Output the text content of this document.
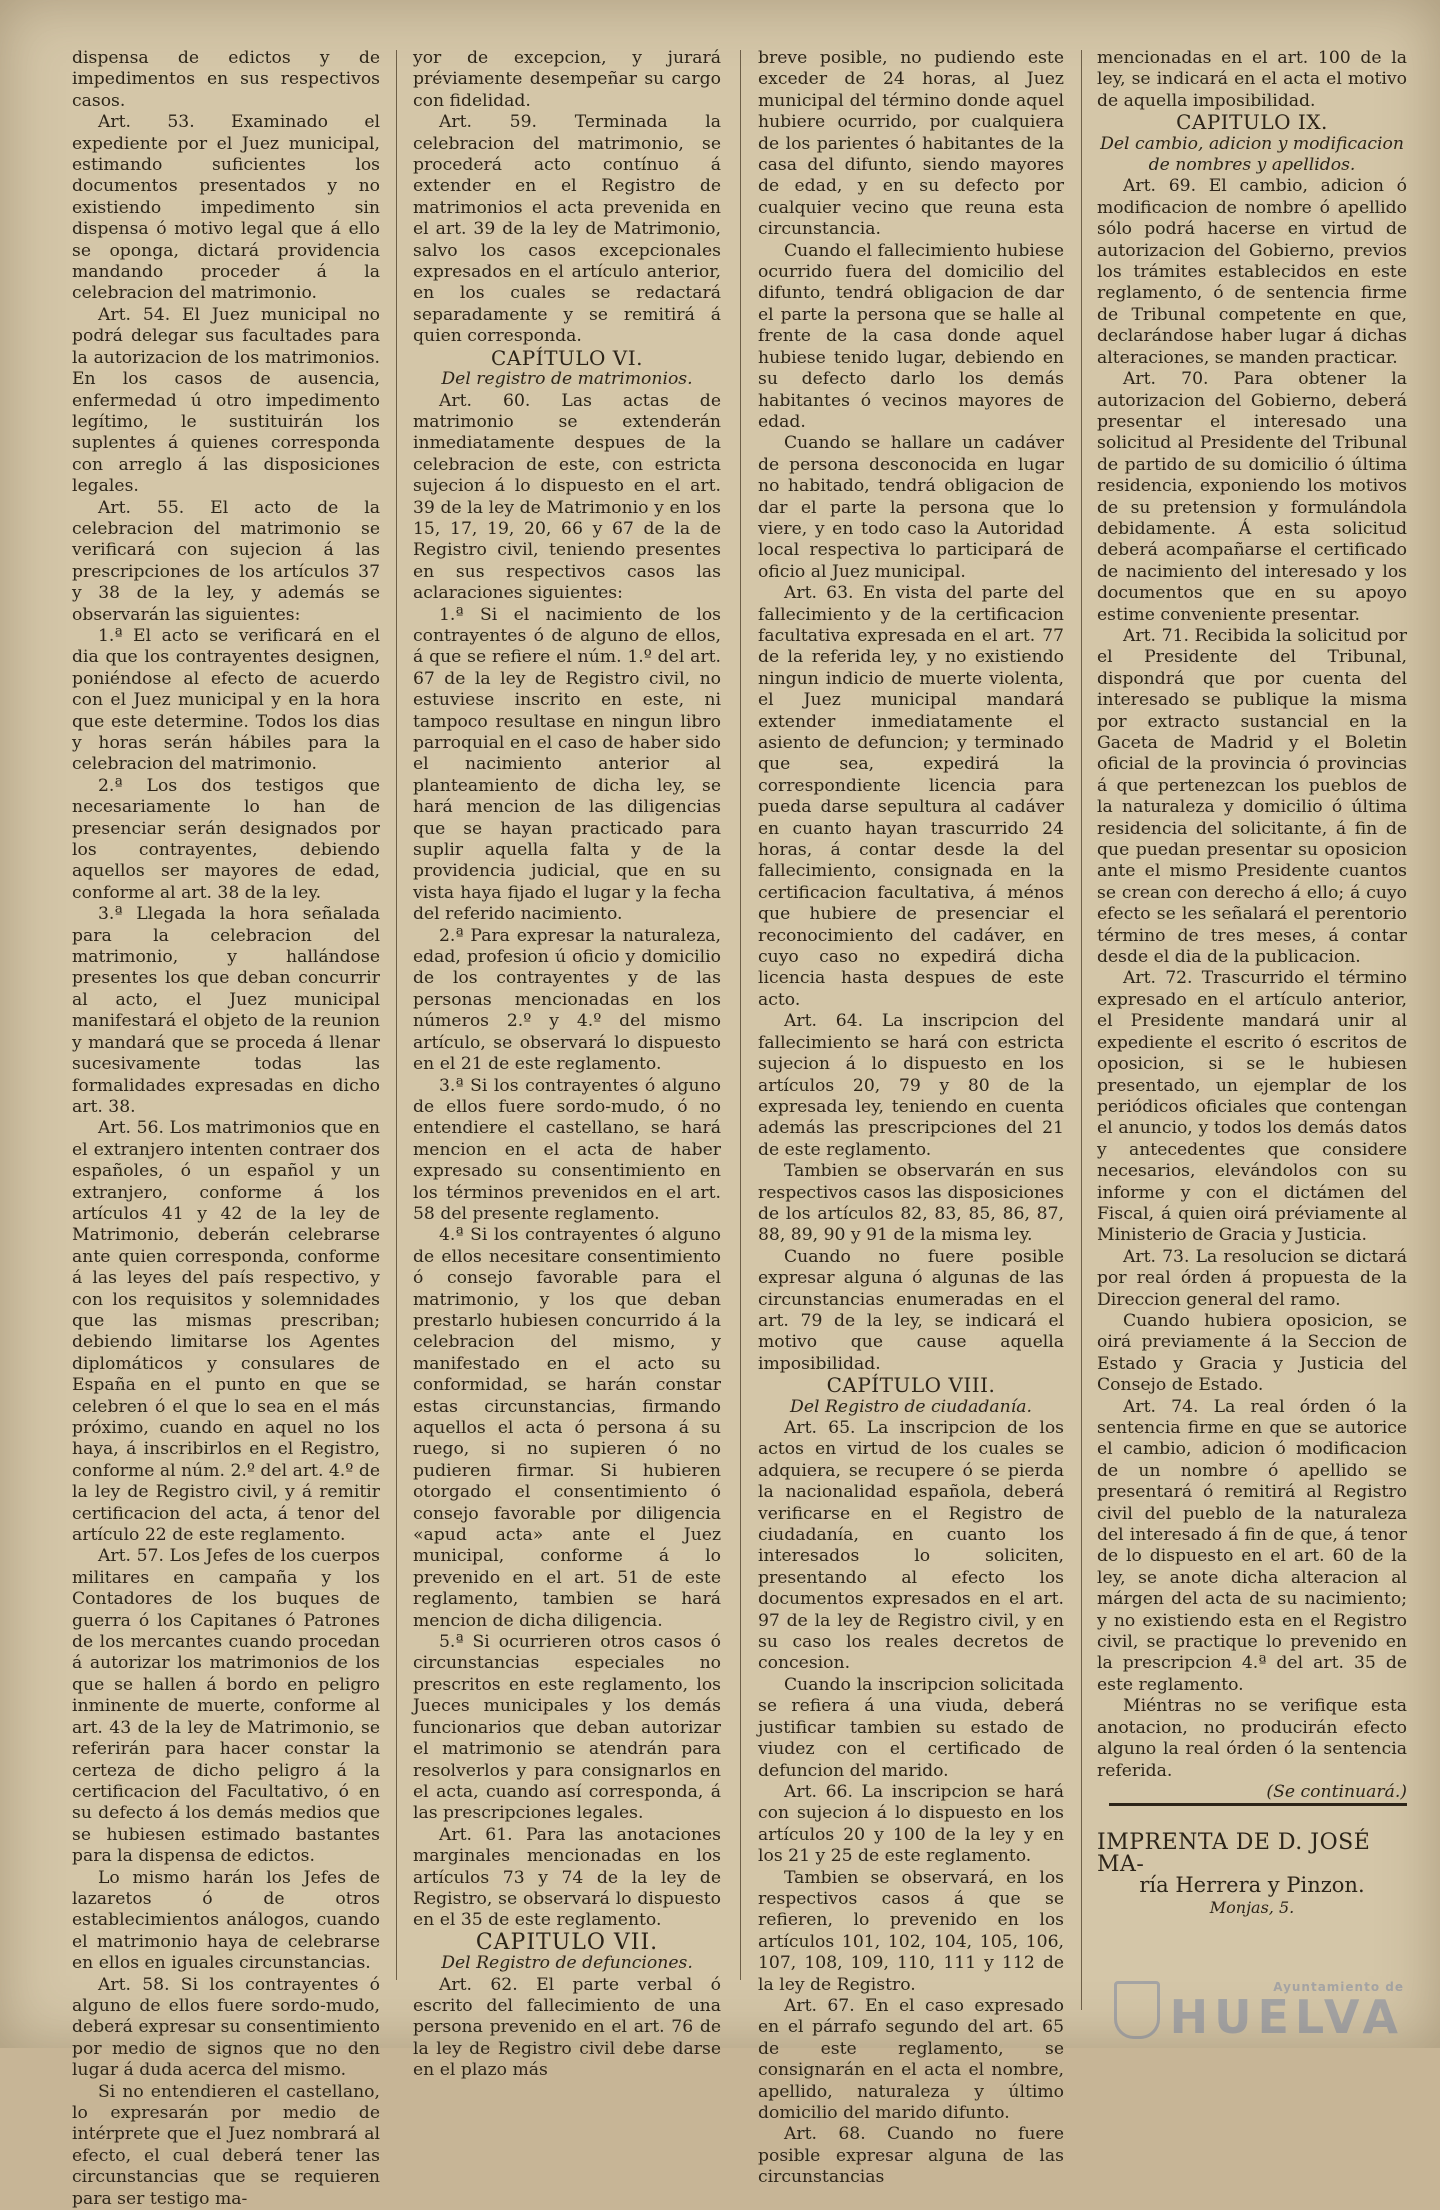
dispensa de edictos y de impedimentos en sus respectivos casos.

Art. 53. Examinado el expediente por el Juez municipal, estimando suficientes los documentos presentados y no existiendo impedimento sin dispensa ó motivo legal que á ello se oponga, dictará providencia mandando proceder á la celebracion del matrimonio.

Art. 54. El Juez municipal no podrá delegar sus facultades para la autorizacion de los matrimonios. En los casos de ausencia, enfermedad ú otro impedimento legítimo, le sustituirán los suplentes á quienes corresponda con arreglo á las disposiciones legales.

Art. 55. El acto de la celebracion del matrimonio se verificará con sujecion á las prescripciones de los artículos 37 y 38 de la ley, y además se observarán las siguientes:

1.ª El acto se verificará en el dia que los contrayentes designen, poniéndose al efecto de acuerdo con el Juez municipal y en la hora que este determine. Todos los dias y horas serán hábiles para la celebracion del matrimonio.

2.ª Los dos testigos que necesariamente lo han de presenciar serán designados por los contrayentes, debiendo aquellos ser mayores de edad, conforme al art. 38 de la ley.

3.ª Llegada la hora señalada para la celebracion del matrimonio, y hallándose presentes los que deban concurrir al acto, el Juez municipal manifestará el objeto de la reunion y mandará que se proceda á llenar sucesivamente todas las formalidades expresadas en dicho art. 38.

Art. 56. Los matrimonios que en el extranjero intenten contraer dos españoles, ó un español y un extranjero, conforme á los artículos 41 y 42 de la ley de Matrimonio, deberán celebrarse ante quien corresponda, conforme á las leyes del país respectivo, y con los requisitos y solemnidades que las mismas prescriban; debiendo limitarse los Agentes diplomáticos y consulares de España en el punto en que se celebren ó el que lo sea en el más próximo, cuando en aquel no los haya, á inscribirlos en el Registro, conforme al núm. 2.º del art. 4.º de la ley de Registro civil, y á remitir certificacion del acta, á tenor del artículo 22 de este reglamento.

Art. 57. Los Jefes de los cuerpos militares en campaña y los Contadores de los buques de guerra ó los Capitanes ó Patrones de los mercantes cuando procedan á autorizar los matrimonios de los que se hallen á bordo en peligro inminente de muerte, conforme al art. 43 de la ley de Matrimonio, se referirán para hacer constar la certeza de dicho peligro á la certificacion del Facultativo, ó en su defecto á los demás medios que se hubiesen estimado bastantes para la dispensa de edictos.

Lo mismo harán los Jefes de lazaretos ó de otros establecimientos análogos, cuando el matrimonio haya de celebrarse en ellos en iguales circunstancias.

Art. 58. Si los contrayentes ó alguno de ellos fuere sordo-mudo, deberá expresar su consentimiento por medio de signos que no den lugar á duda acerca del mismo.

Si no entendieren el castellano, lo expresarán por medio de intérprete que el Juez nombrará al efecto, el cual deberá tener las circunstancias que se requieren para ser testigo ma-

yor de excepcion, y jurará préviamente desempeñar su cargo con fidelidad.

Art. 59. Terminada la celebracion del matrimonio, se procederá acto contínuo á extender en el Registro de matrimonios el acta prevenida en el art. 39 de la ley de Matrimonio, salvo los casos excepcionales expresados en el artículo anterior, en los cuales se redactará separadamente y se remitirá á quien corresponda.

CAPÍTULO VI.

Del registro de matrimonios.

Art. 60. Las actas de matrimonio se extenderán inmediatamente despues de la celebracion de este, con estricta sujecion á lo dispuesto en el art. 39 de la ley de Matrimonio y en los 15, 17, 19, 20, 66 y 67 de la de Registro civil, teniendo presentes en sus respectivos casos las aclaraciones siguientes:

1.ª Si el nacimiento de los contrayentes ó de alguno de ellos, á que se refiere el núm. 1.º del art. 67 de la ley de Registro civil, no estuviese inscrito en este, ni tampoco resultase en ningun libro parroquial en el caso de haber sido el nacimiento anterior al planteamiento de dicha ley, se hará mencion de las diligencias que se hayan practicado para suplir aquella falta y de la providencia judicial, que en su vista haya fijado el lugar y la fecha del referido nacimiento.

2.ª Para expresar la naturaleza, edad, profesion ú oficio y domicilio de los contrayentes y de las personas mencionadas en los números 2.º y 4.º del mismo artículo, se observará lo dispuesto en el 21 de este reglamento.

3.ª Si los contrayentes ó alguno de ellos fuere sordo-mudo, ó no entendiere el castellano, se hará mencion en el acta de haber expresado su consentimiento en los términos prevenidos en el art. 58 del presente reglamento.

4.ª Si los contrayentes ó alguno de ellos necesitare consentimiento ó consejo favorable para el matrimonio, y los que deban prestarlo hubiesen concurrido á la celebracion del mismo, y manifestado en el acto su conformidad, se harán constar estas circunstancias, firmando aquellos el acta ó persona á su ruego, si no supieren ó no pudieren firmar. Si hubieren otorgado el consentimiento ó consejo favorable por diligencia «apud acta» ante el Juez municipal, conforme á lo prevenido en el art. 51 de este reglamento, tambien se hará mencion de dicha diligencia.

5.ª Si ocurrieren otros casos ó circunstancias especiales no prescritos en este reglamento, los Jueces municipales y los demás funcionarios que deban autorizar el matrimonio se atendrán para resolverlos y para consignarlos en el acta, cuando así corresponda, á las prescripciones legales.

Art. 61. Para las anotaciones marginales mencionadas en los artículos 73 y 74 de la ley de Registro, se observará lo dispuesto en el 35 de este reglamento.

CAPITULO VII.

Del Registro de defunciones.

Art. 62. El parte verbal ó escrito del fallecimiento de una persona prevenido en el art. 76 de la ley de Registro civil debe darse en el plazo más

breve posible, no pudiendo este exceder de 24 horas, al Juez municipal del término donde aquel hubiere ocurrido, por cualquiera de los parientes ó habitantes de la casa del difunto, siendo mayores de edad, y en su defecto por cualquier vecino que reuna esta circunstancia.

Cuando el fallecimiento hubiese ocurrido fuera del domicilio del difunto, tendrá obligacion de dar el parte la persona que se halle al frente de la casa donde aquel hubiese tenido lugar, debiendo en su defecto darlo los demás habitantes ó vecinos mayores de edad.

Cuando se hallare un cadáver de persona desconocida en lugar no habitado, tendrá obligacion de dar el parte la persona que lo viere, y en todo caso la Autoridad local respectiva lo participará de oficio al Juez municipal.

Art. 63. En vista del parte del fallecimiento y de la certificacion facultativa expresada en el art. 77 de la referida ley, y no existiendo ningun indicio de muerte violenta, el Juez municipal mandará extender inmediatamente el asiento de defuncion; y terminado que sea, expedirá la correspondiente licencia para pueda darse sepultura al cadáver en cuanto hayan trascurrido 24 horas, á contar desde la del fallecimiento, consignada en la certificacion facultativa, á ménos que hubiere de presenciar el reconocimiento del cadáver, en cuyo caso no expedirá dicha licencia hasta despues de este acto.

Art. 64. La inscripcion del fallecimiento se hará con estricta sujecion á lo dispuesto en los artículos 20, 79 y 80 de la expresada ley, teniendo en cuenta además las prescripciones del 21 de este reglamento.

Tambien se observarán en sus respectivos casos las disposiciones de los artículos 82, 83, 85, 86, 87, 88, 89, 90 y 91 de la misma ley.

Cuando no fuere posible expresar alguna ó algunas de las circunstancias enumeradas en el art. 79 de la ley, se indicará el motivo que cause aquella imposibilidad.

CAPÍTULO VIII.

Del Registro de ciudadanía.

Art. 65. La inscripcion de los actos en virtud de los cuales se adquiera, se recupere ó se pierda la nacionalidad española, deberá verificarse en el Registro de ciudadanía, en cuanto los interesados lo soliciten, presentando al efecto los documentos expresados en el art. 97 de la ley de Registro civil, y en su caso los reales decretos de concesion.

Cuando la inscripcion solicitada se refiera á una viuda, deberá justificar tambien su estado de viudez con el certificado de defuncion del marido.

Art. 66. La inscripcion se hará con sujecion á lo dispuesto en los artículos 20 y 100 de la ley y en los 21 y 25 de este reglamento.

Tambien se observará, en los respectivos casos á que se refieren, lo prevenido en los artículos 101, 102, 104, 105, 106, 107, 108, 109, 110, 111 y 112 de la ley de Registro.

Art. 67. En el caso expresado en el párrafo segundo del art. 65 de este reglamento, se consignarán en el acta el nombre, apellido, naturaleza y último domicilio del marido difunto.

Art. 68. Cuando no fuere posible expresar alguna de las circunstancias

mencionadas en el art. 100 de la ley, se indicará en el acta el motivo de aquella imposibilidad.

CAPITULO IX.

Del cambio, adicion y modificacion de nombres y apellidos.

Art. 69. El cambio, adicion ó modificacion de nombre ó apellido sólo podrá hacerse en virtud de autorizacion del Gobierno, previos los trámites establecidos en este reglamento, ó de sentencia firme de Tribunal competente en que, declarándose haber lugar á dichas alteraciones, se manden practicar.

Art. 70. Para obtener la autorizacion del Gobierno, deberá presentar el interesado una solicitud al Presidente del Tribunal de partido de su domicilio ó última residencia, exponiendo los motivos de su pretension y formulándola debidamente. Á esta solicitud deberá acompañarse el certificado de nacimiento del interesado y los documentos que en su apoyo estime conveniente presentar.

Art. 71. Recibida la solicitud por el Presidente del Tribunal, dispondrá que por cuenta del interesado se publique la misma por extracto sustancial en la Gaceta de Madrid y el Boletin oficial de la provincia ó provincias á que pertenezcan los pueblos de la naturaleza y domicilio ó última residencia del solicitante, á fin de que puedan presentar su oposicion ante el mismo Presidente cuantos se crean con derecho á ello; á cuyo efecto se les señalará el perentorio término de tres meses, á contar desde el dia de la publicacion.

Art. 72. Trascurrido el término expresado en el artículo anterior, el Presidente mandará unir al expediente el escrito ó escritos de oposicion, si se le hubiesen presentado, un ejemplar de los periódicos oficiales que contengan el anuncio, y todos los demás datos y antecedentes que considere necesarios, elevándolos con su informe y con el dictámen del Fiscal, á quien oirá préviamente al Ministerio de Gracia y Justicia.

Art. 73. La resolucion se dictará por real órden á propuesta de la Direccion general del ramo.

Cuando hubiera oposicion, se oirá previamente á la Seccion de Estado y Gracia y Justicia del Consejo de Estado.

Art. 74. La real órden ó la sentencia firme en que se autorice el cambio, adicion ó modificacion de un nombre ó apellido se presentará ó remitirá al Registro civil del pueblo de la naturaleza del interesado á fin de que, á tenor de lo dispuesto en el art. 60 de la ley, se anote dicha alteracion al márgen del acta de su nacimiento; y no existiendo esta en el Registro civil, se practique lo prevenido en la prescripcion 4.ª del art. 35 de este reglamento.

Miéntras no se verifique esta anotacion, no producirán efecto alguno la real órden ó la sentencia referida.

(Se continuará.)

IMPRENTA DE D. JOSÉ MA-

ría Herrera y Pinzon.

Monjas, 5.

Ayuntamiento de
HUELVA
